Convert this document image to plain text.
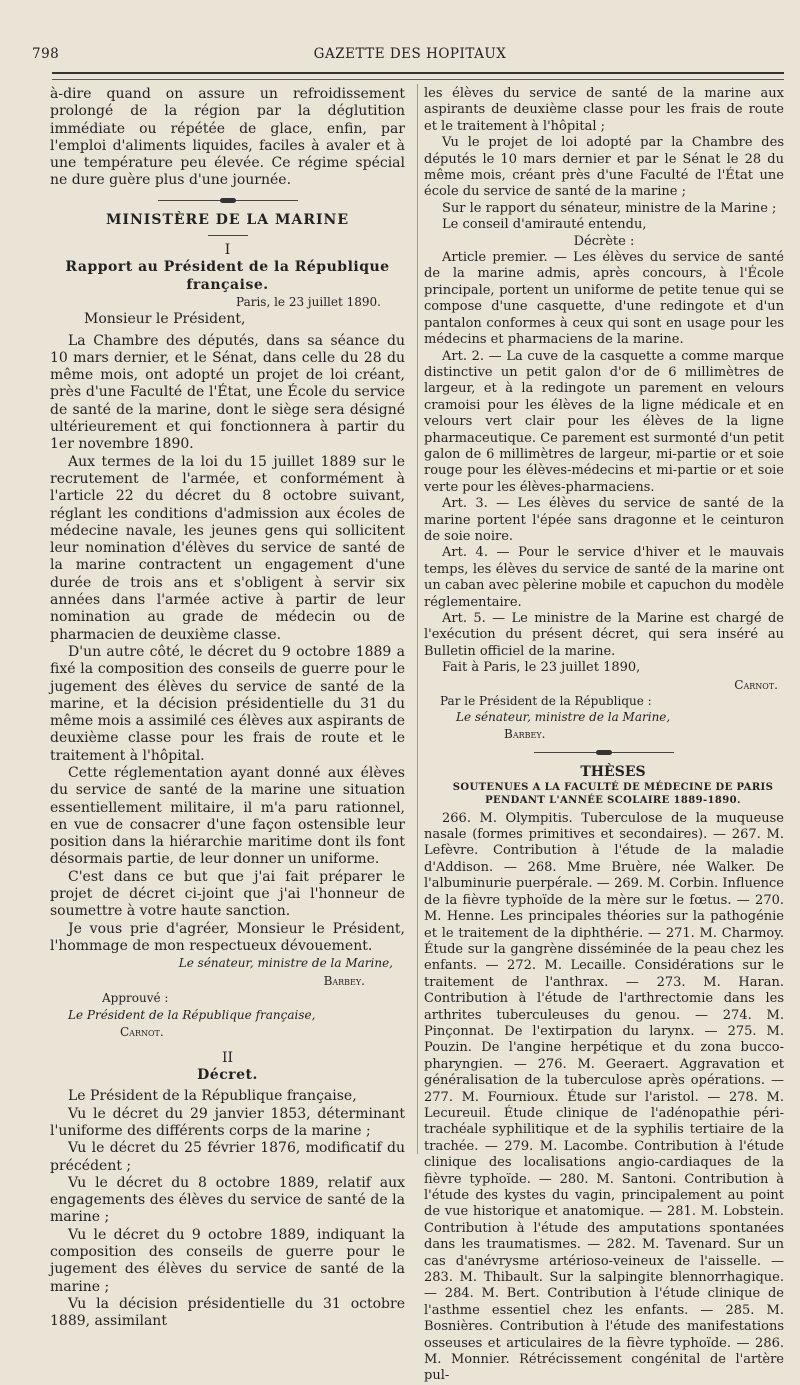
798	GAZETTE DES HOPITAUX

à-dire quand on assure un refroidissement prolongé de la région par la déglutition immédiate ou répétée de glace, enfin, par l'emploi d'aliments liquides, faciles à avaler et à une température peu élevée. Ce régime spécial ne dure guère plus d'une journée.

MINISTÈRE DE LA MARINE

I

Rapport au Président de la République française.

Paris, le 23 juillet 1890.

Monsieur le Président,

La Chambre des députés, dans sa séance du 10 mars dernier, et le Sénat, dans celle du 28 du même mois, ont adopté un projet de loi créant, près d'une Faculté de l'État, une École du service de santé de la marine, dont le siège sera désigné ultérieurement et qui fonctionnera à partir du 1er novembre 1890.

Aux termes de la loi du 15 juillet 1889 sur le recrutement de l'armée, et conformément à l'article 22 du décret du 8 octobre suivant, réglant les conditions d'admission aux écoles de médecine navale, les jeunes gens qui sollicitent leur nomination d'élèves du service de santé de la marine contractent un engagement d'une durée de trois ans et s'obligent à servir six années dans l'armée active à partir de leur nomination au grade de médecin ou de pharmacien de deuxième classe.

D'un autre côté, le décret du 9 octobre 1889 a fixé la composition des conseils de guerre pour le jugement des élèves du service de santé de la marine, et la décision présidentielle du 31 du même mois a assimilé ces élèves aux aspirants de deuxième classe pour les frais de route et le traitement à l'hôpital.

Cette réglementation ayant donné aux élèves du service de santé de la marine une situation essentiellement militaire, il m'a paru rationnel, en vue de consacrer d'une façon ostensible leur position dans la hiérarchie maritime dont ils font désormais partie, de leur donner un uniforme.

C'est dans ce but que j'ai fait préparer le projet de décret ci-joint que j'ai l'honneur de soumettre à votre haute sanction.

Je vous prie d'agréer, Monsieur le Président, l'hommage de mon respectueux dévouement.

Le sénateur, ministre de la Marine,

Barbey.

Approuvé :

Le Président de la République française,

Carnot.

II

Décret.

Le Président de la République française,

Vu le décret du 29 janvier 1853, déterminant l'uniforme des différents corps de la marine ;

Vu le décret du 25 février 1876, modificatif du précédent ;

Vu le décret du 8 octobre 1889, relatif aux engagements des élèves du service de santé de la marine ;

Vu le décret du 9 octobre 1889, indiquant la composition des conseils de guerre pour le jugement des élèves du service de santé de la marine ;

Vu la décision présidentielle du 31 octobre 1889, assimilant

les élèves du service de santé de la marine aux aspirants de deuxième classe pour les frais de route et le traitement à l'hôpital ;

Vu le projet de loi adopté par la Chambre des députés le 10 mars dernier et par le Sénat le 28 du même mois, créant près d'une Faculté de l'État une école du service de santé de la marine ;

Sur le rapport du sénateur, ministre de la Marine ;

Le conseil d'amirauté entendu,

Décrète :

Article premier. — Les élèves du service de santé de la marine admis, après concours, à l'École principale, portent un uniforme de petite tenue qui se compose d'une casquette, d'une redingote et d'un pantalon conformes à ceux qui sont en usage pour les médecins et pharmaciens de la marine.

Art. 2. — La cuve de la casquette a comme marque distinctive un petit galon d'or de 6 millimètres de largeur, et à la redingote un parement en velours cramoisi pour les élèves de la ligne médicale et en velours vert clair pour les élèves de la ligne pharmaceutique. Ce parement est surmonté d'un petit galon de 6 millimètres de largeur, mi-partie or et soie rouge pour les élèves-médecins et mi-partie or et soie verte pour les élèves-pharmaciens.

Art. 3. — Les élèves du service de santé de la marine portent l'épée sans dragonne et le ceinturon de soie noire.

Art. 4. — Pour le service d'hiver et le mauvais temps, les élèves du service de santé de la marine ont un caban avec pèlerine mobile et capuchon du modèle réglementaire.

Art. 5. — Le ministre de la Marine est chargé de l'exécution du présent décret, qui sera inséré au Bulletin officiel de la marine.

Fait à Paris, le 23 juillet 1890,

Carnot.

Par le Président de la République :

Le sénateur, ministre de la Marine,

Barbey.

THÈSES

SOUTENUES A LA FACULTÉ DE MÉDECINE DE PARIS

PENDANT L'ANNÉE SCOLAIRE 1889-1890.

266. M. Olympitis. Tuberculose de la muqueuse nasale (formes primitives et secondaires). — 267. M. Lefèvre. Contribution à l'étude de la maladie d'Addison. — 268. Mme Bruère, née Walker. De l'albuminurie puerpérale. — 269. M. Corbin. Influence de la fièvre typhoïde de la mère sur le fœtus. — 270. M. Henne. Les principales théories sur la pathogénie et le traitement de la diphthérie. — 271. M. Charmoy. Étude sur la gangrène disséminée de la peau chez les enfants. — 272. M. Lecaille. Considérations sur le traitement de l'anthrax. — 273. M. Haran. Contribution à l'étude de l'arthrectomie dans les arthrites tuberculeuses du genou. — 274. M. Pinçonnat. De l'extirpation du larynx. — 275. M. Pouzin. De l'angine herpétique et du zona bucco-pharyngien. — 276. M. Geeraert. Aggravation et généralisation de la tuberculose après opérations. — 277. M. Fournioux. Étude sur l'aristol. — 278. M. Lecureuil. Étude clinique de l'adénopathie péri-trachéale syphilitique et de la syphilis tertiaire de la trachée. — 279. M. Lacombe. Contribution à l'étude clinique des localisations angio-cardiaques de la fièvre typhoïde. — 280. M. Santoni. Contribution à l'étude des kystes du vagin, principalement au point de vue historique et anatomique. — 281. M. Lobstein. Contribution à l'étude des amputations spontanées dans les traumatismes. — 282. M. Tavenard. Sur un cas d'anévrysme artérioso-veineux de l'aisselle. — 283. M. Thibault. Sur la salpingite blennorrhagique. — 284. M. Bert. Contribution à l'étude clinique de l'asthme essentiel chez les enfants. — 285. M. Bosnières. Contribution à l'étude des manifestations osseuses et articulaires de la fièvre typhoïde. — 286. M. Monnier. Rétrécissement congénital de l'artère pul-
